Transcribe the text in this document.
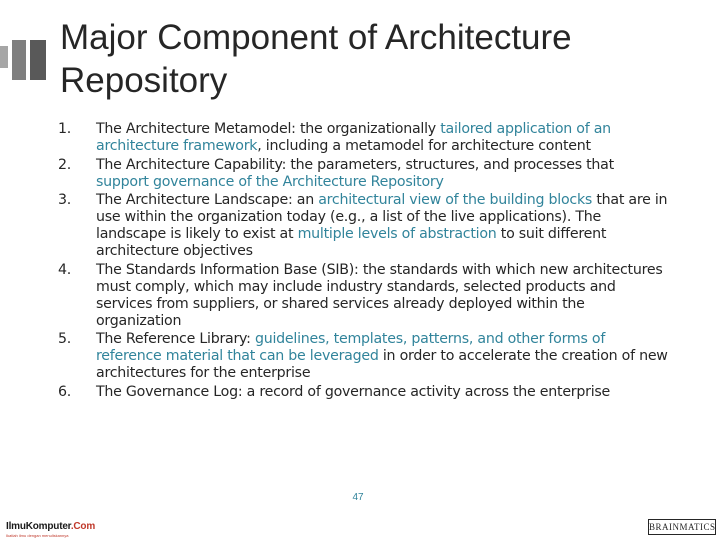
Major Component of Architecture Repository
1. The Architecture Metamodel: the organizationally tailored application of an architecture framework, including a metamodel for architecture content
2. The Architecture Capability: the parameters, structures, and processes that support governance of the Architecture Repository
3. The Architecture Landscape: an architectural view of the building blocks that are in use within the organization today (e.g., a list of the live applications). The landscape is likely to exist at multiple levels of abstraction to suit different architecture objectives
4. The Standards Information Base (SIB): the standards with which new architectures must comply, which may include industry standards, selected products and services from suppliers, or shared services already deployed within the organization
5. The Reference Library: guidelines, templates, patterns, and other forms of reference material that can be leveraged in order to accelerate the creation of new architectures for the enterprise
6. The Governance Log: a record of governance activity across the enterprise
IlmuKomputer.Com
Ikatlah ilmu dengan menuliskannya
47
BRAINMATICS
